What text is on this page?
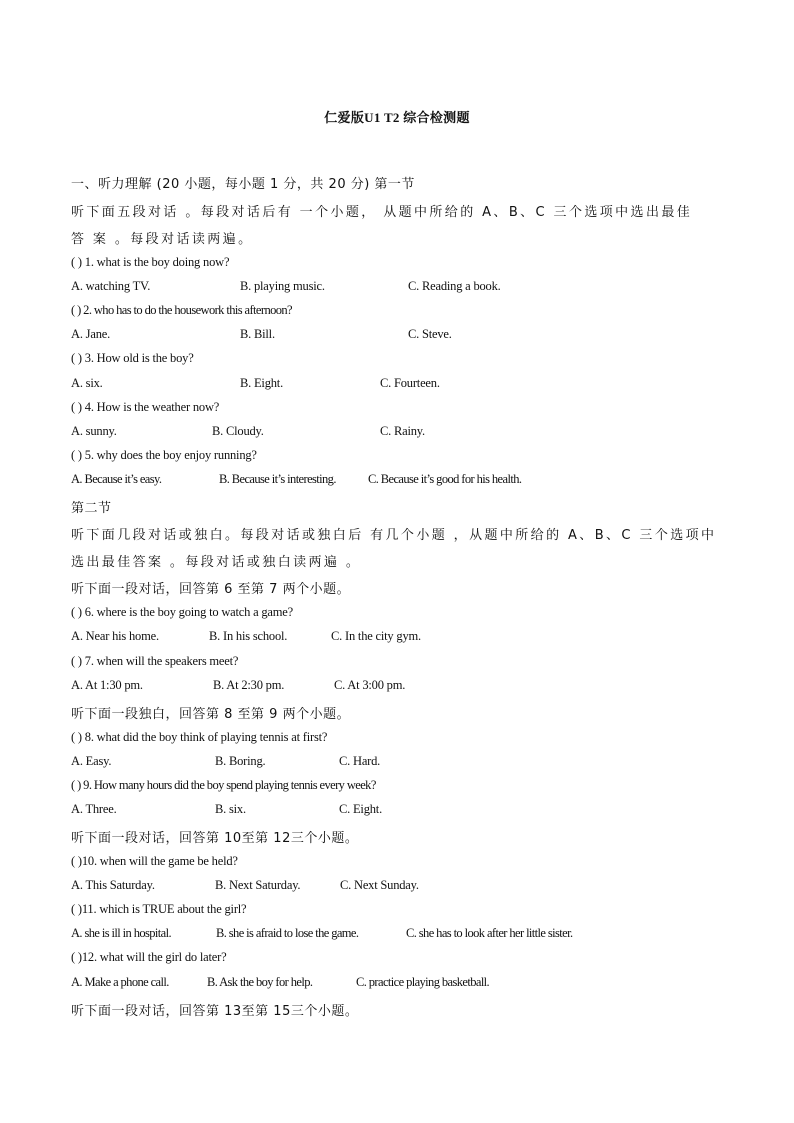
仁爱版U1 T2 综合检测题
一、听力理解 (20 小题，每小题 1 分，共 20 分) 第一节
听下面五段对话 。每段对话后有 一个小题， 从题中所给的 A、B、C 三个选项中选出最佳
答 案 。每段对话读两遍。
( ) 1. what is the boy doing now?
A. watching TV.	B. playing music.	C. Reading a book.
( ) 2. who has to do the housework this afternoon?
A. Jane.	B. Bill.	C. Steve.
( ) 3. How old is the boy?
A. six.	B. Eight.	C. Fourteen.
( ) 4. How is the weather now?
A. sunny.	B. Cloudy.	C. Rainy.
( ) 5. why does the boy enjoy running?
A. Because it’s easy.	B. Because it’s interesting.	C. Because it’s good for his health.
第二节
听下面几段对话或独白。每段对话或独白后 有几个小题 ，从题中所给的 A、B、C 三个选项中
选出最佳答案 。每段对话或独白读两遍 。
听下面一段对话，回答第 6 至第 7 两个小题。
( ) 6. where is the boy going to watch a game?
A. Near his home.	B. In his school.	C. In the city gym.
( ) 7. when will the speakers meet?
A. At 1:30 pm.	B. At 2:30 pm.	C. At 3:00 pm.
听下面一段独白，回答第 8 至第 9 两个小题。
( ) 8. what did the boy think of playing tennis at first?
A. Easy.	B. Boring.	C. Hard.
( ) 9. How many hours did the boy spend playing tennis every week?
A. Three.	B. six.	C. Eight.
听下面一段对话，回答第 10至第 12三个小题。
( )10. when will the game be held?
A. This Saturday.	B. Next Saturday.	C. Next Sunday.
( )11. which is TRUE about the girl?
A. she is ill in hospital.	B. she is afraid to lose the game.	C. she has to look after her little sister.
( )12. what will the girl do later?
A. Make a phone call.	B. Ask the boy for help.	C. practice playing basketball.
听下面一段对话，回答第 13至第 15三个小题。
